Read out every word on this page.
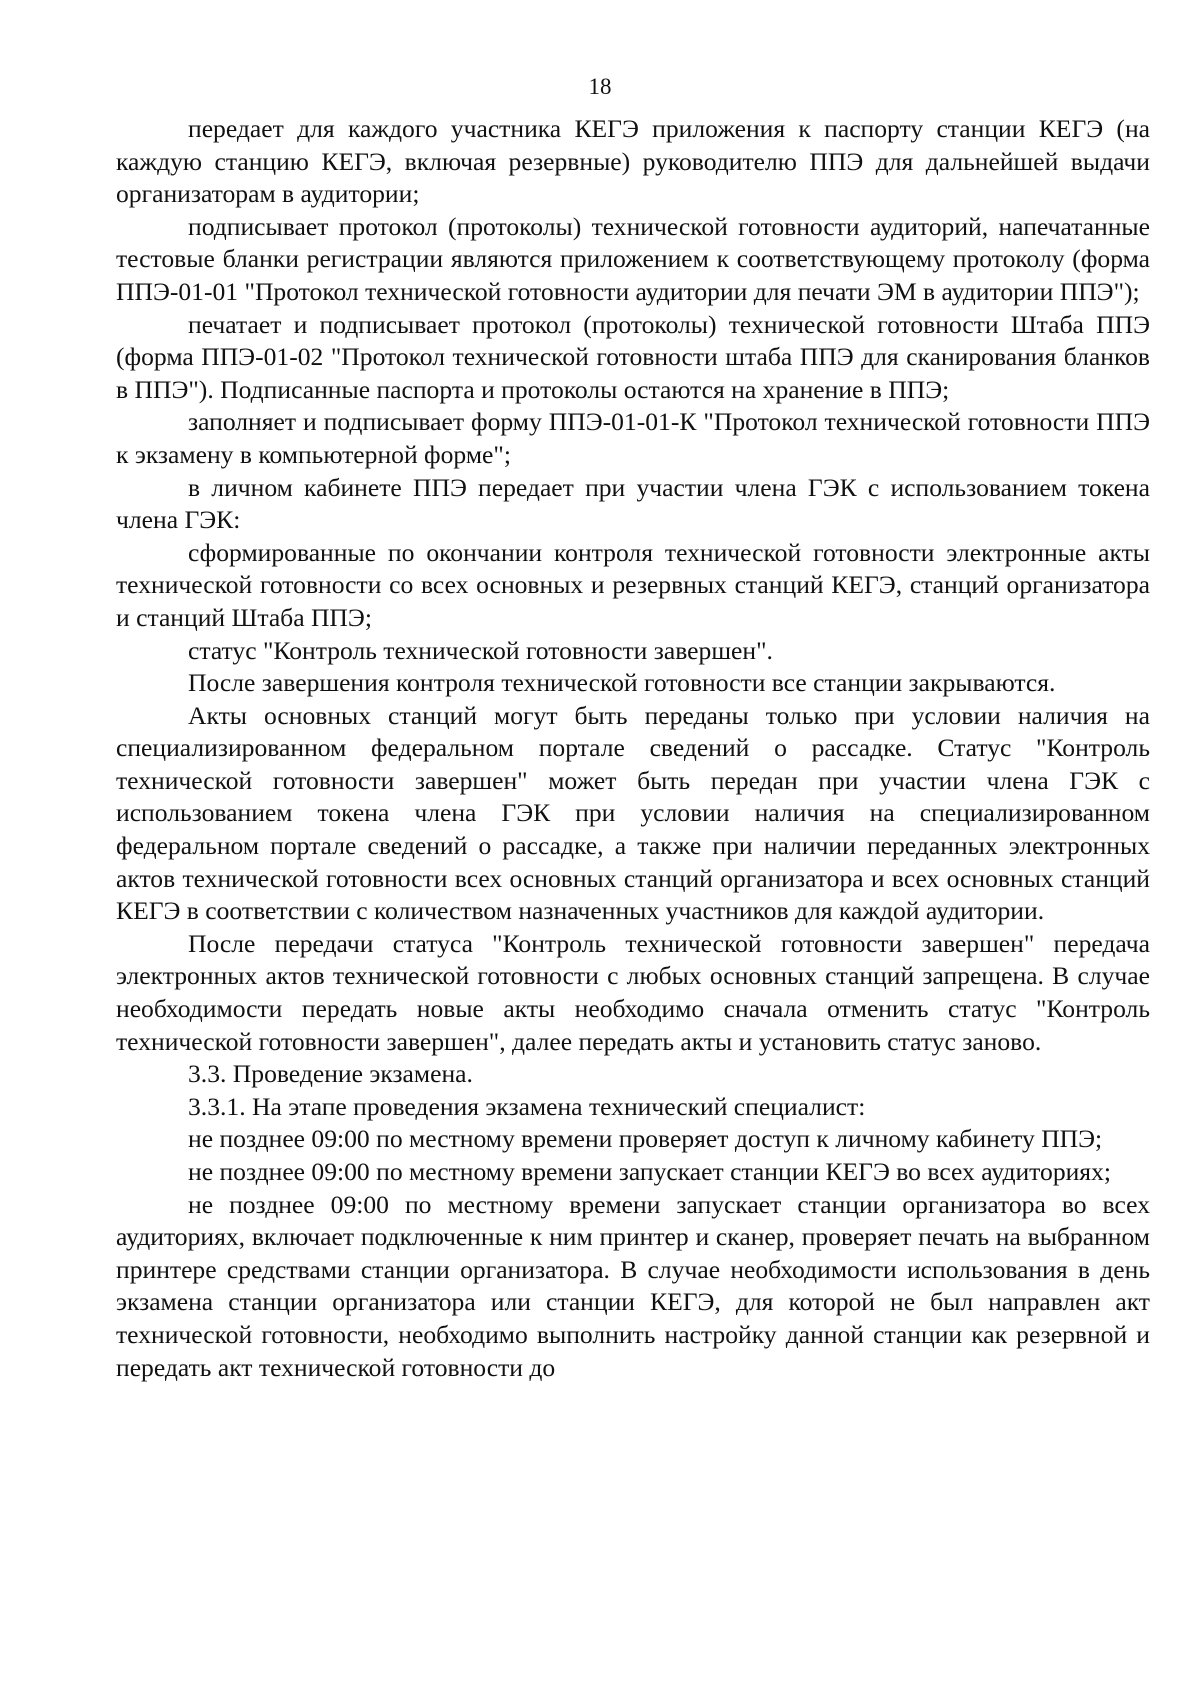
18

передает для каждого участника КЕГЭ приложения к паспорту станции КЕГЭ (на каждую станцию КЕГЭ, включая резервные) руководителю ППЭ для дальнейшей выдачи организаторам в аудитории;

подписывает протокол (протоколы) технической готовности аудиторий, напечатанные тестовые бланки регистрации являются приложением к соответствующему протоколу (форма ППЭ-01-01 "Протокол технической готовности аудитории для печати ЭМ в аудитории ППЭ");

печатает и подписывает протокол (протоколы) технической готовности Штаба ППЭ (форма ППЭ-01-02 "Протокол технической готовности штаба ППЭ для сканирования бланков в ППЭ"). Подписанные паспорта и протоколы остаются на хранение в ППЭ;

заполняет и подписывает форму ППЭ-01-01-К "Протокол технической готовности ППЭ к экзамену в компьютерной форме";

в личном кабинете ППЭ передает при участии члена ГЭК с использованием токена члена ГЭК:

сформированные по окончании контроля технической готовности электронные акты технической готовности со всех основных и резервных станций КЕГЭ, станций организатора и станций Штаба ППЭ;

статус "Контроль технической готовности завершен".

После завершения контроля технической готовности все станции закрываются.

Акты основных станций могут быть переданы только при условии наличия на специализированном федеральном портале сведений о рассадке. Статус "Контроль технической готовности завершен" может быть передан при участии члена ГЭК с использованием токена члена ГЭК при условии наличия на специализированном федеральном портале сведений о рассадке, а также при наличии переданных электронных актов технической готовности всех основных станций организатора и всех основных станций КЕГЭ в соответствии с количеством назначенных участников для каждой аудитории.

После передачи статуса "Контроль технической готовности завершен" передача электронных актов технической готовности с любых основных станций запрещена. В случае необходимости передать новые акты необходимо сначала отменить статус "Контроль технической готовности завершен", далее передать акты и установить статус заново.

3.3. Проведение экзамена.

3.3.1. На этапе проведения экзамена технический специалист:

не позднее 09:00 по местному времени проверяет доступ к личному кабинету ППЭ;

не позднее 09:00 по местному времени запускает станции КЕГЭ во всех аудиториях;

не позднее 09:00 по местному времени запускает станции организатора во всех аудиториях, включает подключенные к ним принтер и сканер, проверяет печать на выбранном принтере средствами станции организатора. В случае необходимости использования в день экзамена станции организатора или станции КЕГЭ, для которой не был направлен акт технической готовности, необходимо выполнить настройку данной станции как резервной и передать акт технической готовности до
